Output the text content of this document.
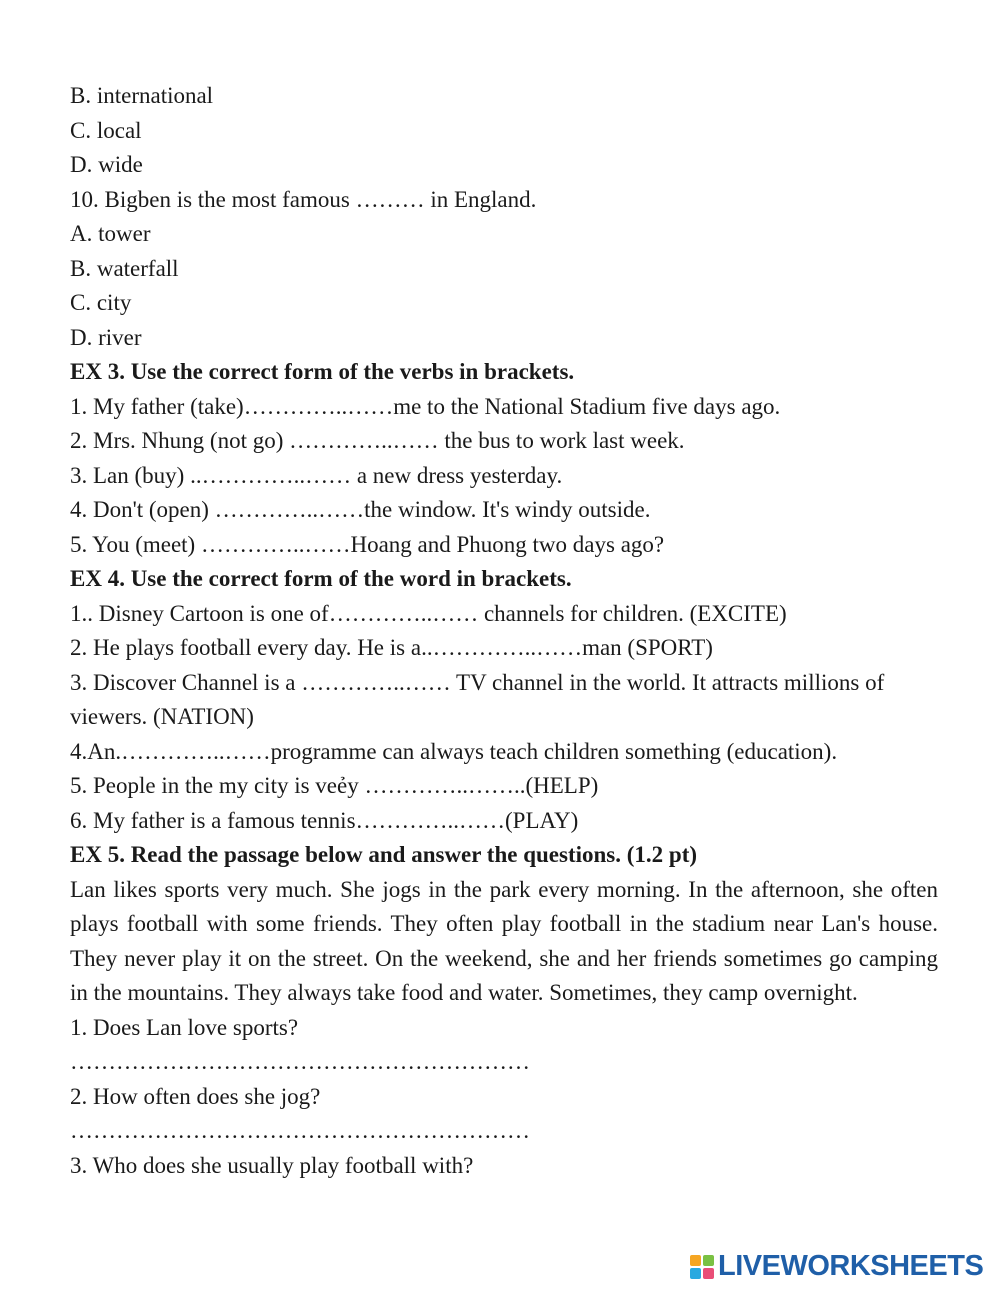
B. international
C. local
D. wide
10. Bigben is the most famous ……… in England.
A. tower
B. waterfall
C. city
D. river
EX 3. Use the correct form of the verbs in brackets.
1. My father (take)…………..……me to the National Stadium five days ago.
2. Mrs. Nhung (not go) …………..…… the bus to work last week.
3. Lan (buy) ..…………..…… a new dress yesterday.
4. Don't (open) …………..……the window. It's windy outside.
5. You (meet) …………..……Hoang and Phuong two days ago?
EX 4. Use the correct form of the word in brackets.
1.. Disney Cartoon is one of…………..…… channels for children. (EXCITE)
2. He plays football every day. He is a..…………..……man (SPORT)
3. Discover Channel is a …………..…… TV channel in the world. It attracts millions of viewers. (NATION)
4.An.…………..……programme can always teach children something (education).
5. People in the my city is veẻy …………..……..(HELP)
6. My father is a famous tennis…………..……(PLAY)
EX 5. Read the passage below and answer the questions. (1.2 pt)
Lan likes sports very much. She jogs in the park every morning. In the afternoon, she often plays football with some friends. They often play football in the stadium near Lan's house. They never play it on the street. On the weekend, she and her friends sometimes go camping in the mountains. They always take food and water. Sometimes, they camp overnight.
1. Does Lan love sports?
……………………………………………………
2. How often does she jog?
……………………………………………………
3. Who does she usually play football with?
LIVEWORKSHEETS
